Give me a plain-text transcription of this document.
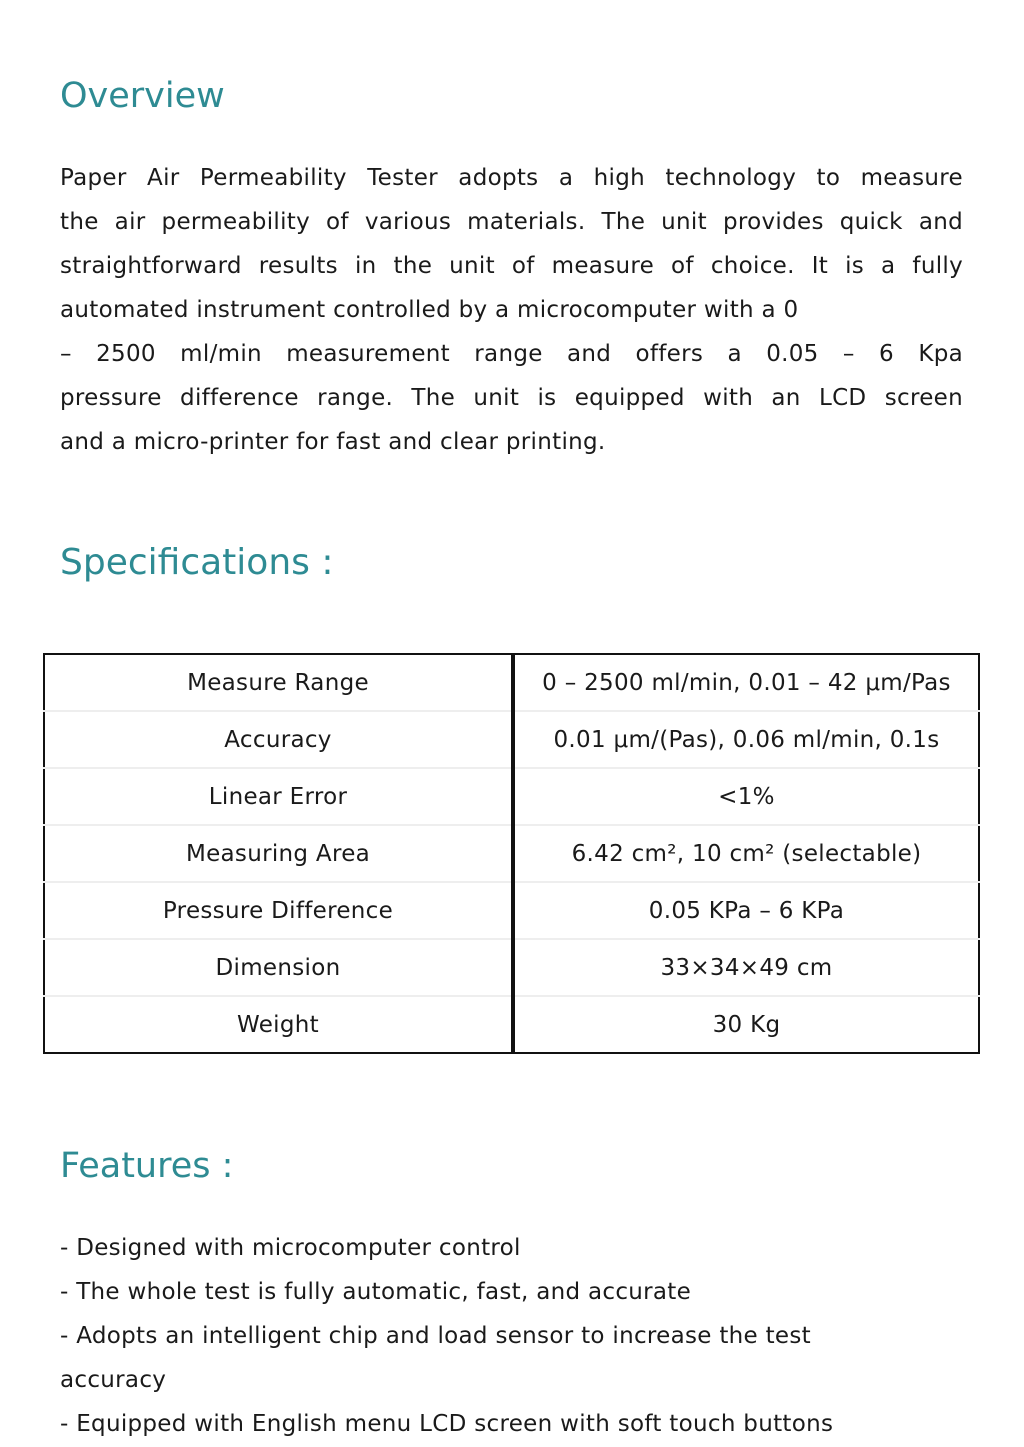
Overview
Paper Air Permeability Tester adopts a high technology to measure
the air permeability of various materials. The unit provides quick and
straightforward results in the unit of measure of choice. It is a fully
automated instrument controlled by a microcomputer with a 0
– 2500 ml/min measurement range and offers a 0.05 – 6 Kpa
pressure difference range. The unit is equipped with an LCD screen
and a micro-printer for fast and clear printing.
Specifications :
Measure Range	0 – 2500 ml/min, 0.01 – 42 μm/Pas
Accuracy	0.01 μm/(Pas), 0.06 ml/min, 0.1s
Linear Error	<1%
Measuring Area	6.42 cm², 10 cm² (selectable)
Pressure Difference	0.05 KPa – 6 KPa
Dimension	33×34×49 cm
Weight	30 Kg
Features :
- Designed with microcomputer control
- The whole test is fully automatic, fast, and accurate
- Adopts an intelligent chip and load sensor to increase the test
accuracy
- Equipped with English menu LCD screen with soft touch buttons
